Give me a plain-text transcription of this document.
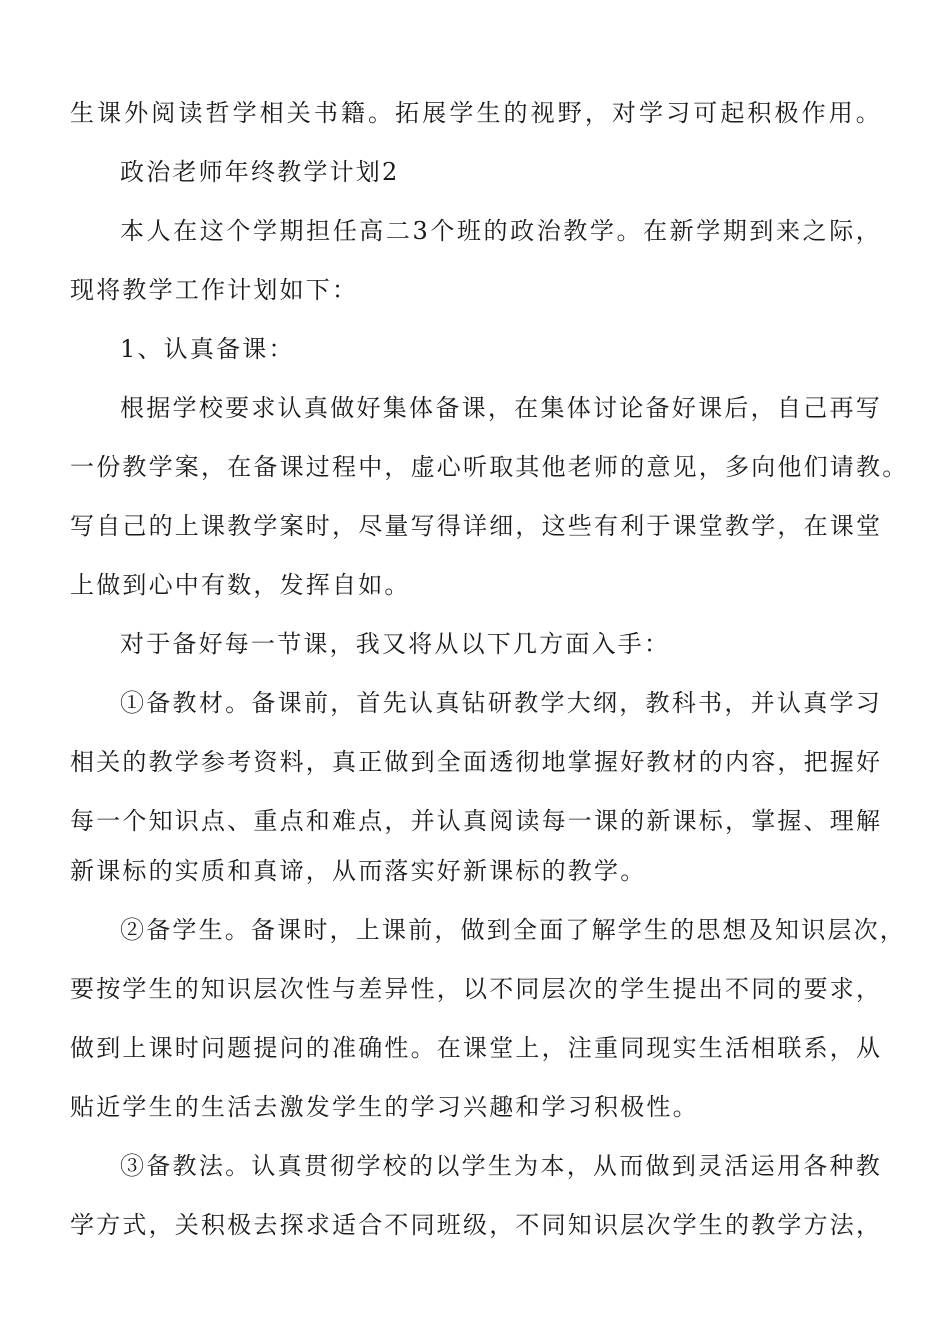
生课外阅读哲学相关书籍。拓展学生的视野，对学习可起积极作用。
政治老师年终教学计划2
本人在这个学期担任高二3个班的政治教学。在新学期到来之际，
现将教学工作计划如下：
1、认真备课：
根据学校要求认真做好集体备课，在集体讨论备好课后，自己再写
一份教学案，在备课过程中，虚心听取其他老师的意见，多向他们请教。
写自己的上课教学案时，尽量写得详细，这些有利于课堂教学，在课堂
上做到心中有数，发挥自如。
对于备好每一节课，我又将从以下几方面入手：
①备教材。备课前，首先认真钻研教学大纲，教科书，并认真学习
相关的教学参考资料，真正做到全面透彻地掌握好教材的内容，把握好
每一个知识点、重点和难点，并认真阅读每一课的新课标，掌握、理解
新课标的实质和真谛，从而落实好新课标的教学。
②备学生。备课时，上课前，做到全面了解学生的思想及知识层次，
要按学生的知识层次性与差异性，以不同层次的学生提出不同的要求，
做到上课时问题提问的准确性。在课堂上，注重同现实生活相联系，从
贴近学生的生活去激发学生的学习兴趣和学习积极性。
③备教法。认真贯彻学校的以学生为本，从而做到灵活运用各种教
学方式，关积极去探求适合不同班级，不同知识层次学生的教学方法，
